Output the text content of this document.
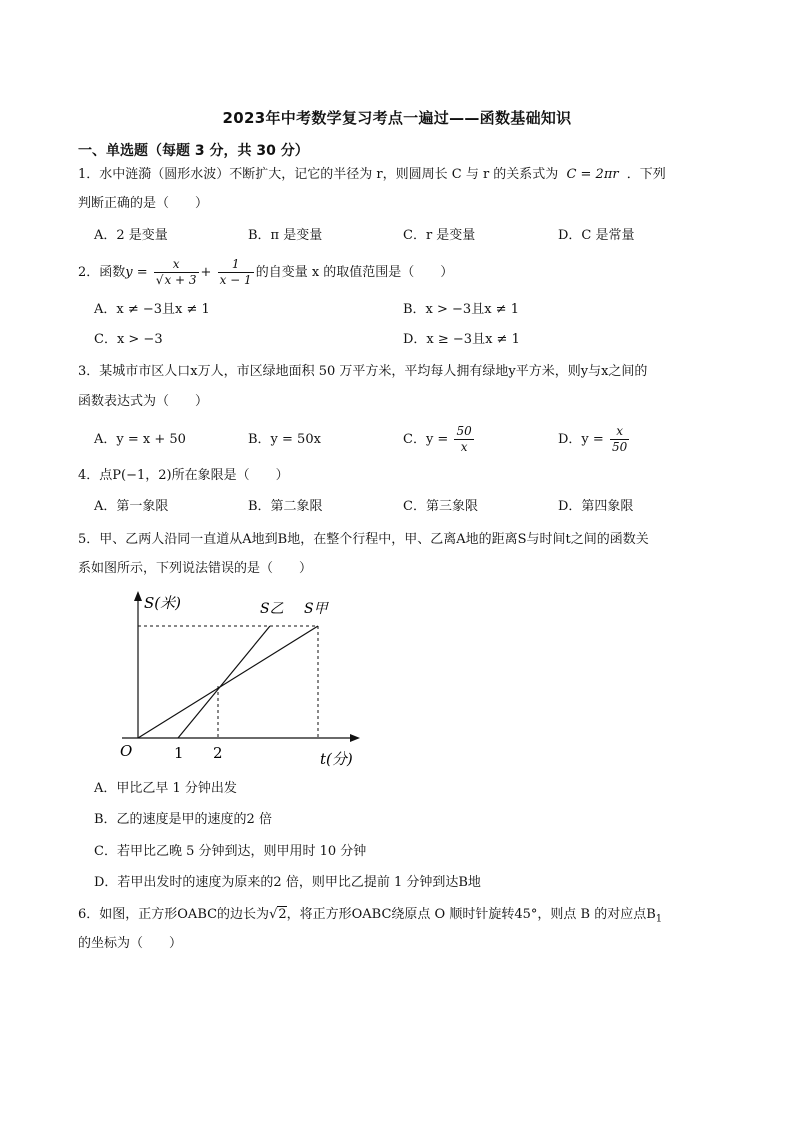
2023年中考数学复习考点一遍过——函数基础知识
一、单选题（每题 3 分，共 30 分）
1．水中涟漪（圆形水波）不断扩大，记它的半径为 r，则圆周长 C 与 r 的关系式为 C = 2πr ．下列
判断正确的是（　　）
A．2 是变量	B．π 是变量	C．r 是变量	D．C 是常量
2．函数$y = \frac{x}{√x + 3} + \frac{1}{x - 1}$ 的自变量 x 的取值范围是（　　）
A．x ≠ −3且x ≠ 1	B．x > −3且x ≠ 1
C．x > −3	D．x ≥ −3且x ≠ 1
3．某城市市区人口x万人，市区绿地面积 50 万平方米，平均每人拥有绿地y平方米，则y与x之间的
函数表达式为（　　）
A．y = x + 50	B．y = 50x	C．$y = \frac{50}{x}$	D．$y = \frac{x}{50}$
4．点P(−1，2)所在象限是（　　）
A．第一象限	B．第二象限	C．第三象限	D．第四象限
5．甲、乙两人沿同一直道从A地到B地，在整个行程中，甲、乙离A地的距离S与时间t之间的函数关
系如图所示，下列说法错误的是（　　）
S(米)	S乙 S甲
O	1 2	t(分)
A．甲比乙早 1 分钟出发
B．乙的速度是甲的速度的2 倍
C．若甲比乙晚 5 分钟到达，则甲用时 10 分钟
D．若甲出发时的速度为原来的2 倍，则甲比乙提前 1 分钟到达B地
6．如图，正方形OABC的边长为√2，将正方形OABC绕原点 O 顺时针旋转45°，则点 B 的对应点$B_1$
的坐标为（　　）
